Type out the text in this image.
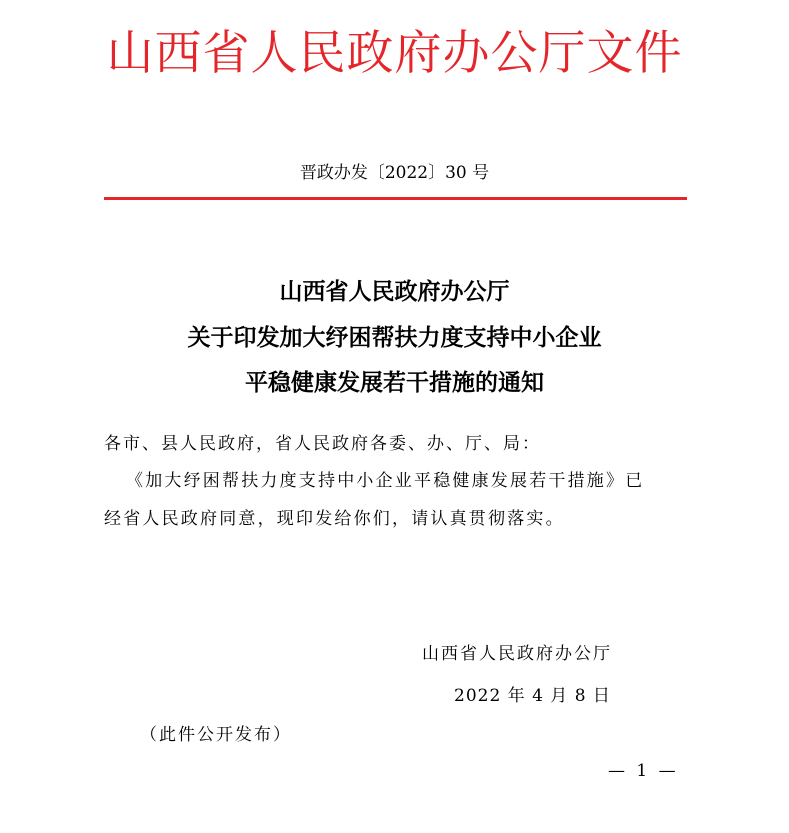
山西省人民政府办公厅文件
晋政办发〔2022〕30 号
山西省人民政府办公厅
关于印发加大纾困帮扶力度支持中小企业
平稳健康发展若干措施的通知
各市、县人民政府，省人民政府各委、办、厅、局：
《加大纾困帮扶力度支持中小企业平稳健康发展若干措施》已
经省人民政府同意，现印发给你们，请认真贯彻落实。
山西省人民政府办公厅
2022 年 4 月 8 日
（此件公开发布）
— 1 —
